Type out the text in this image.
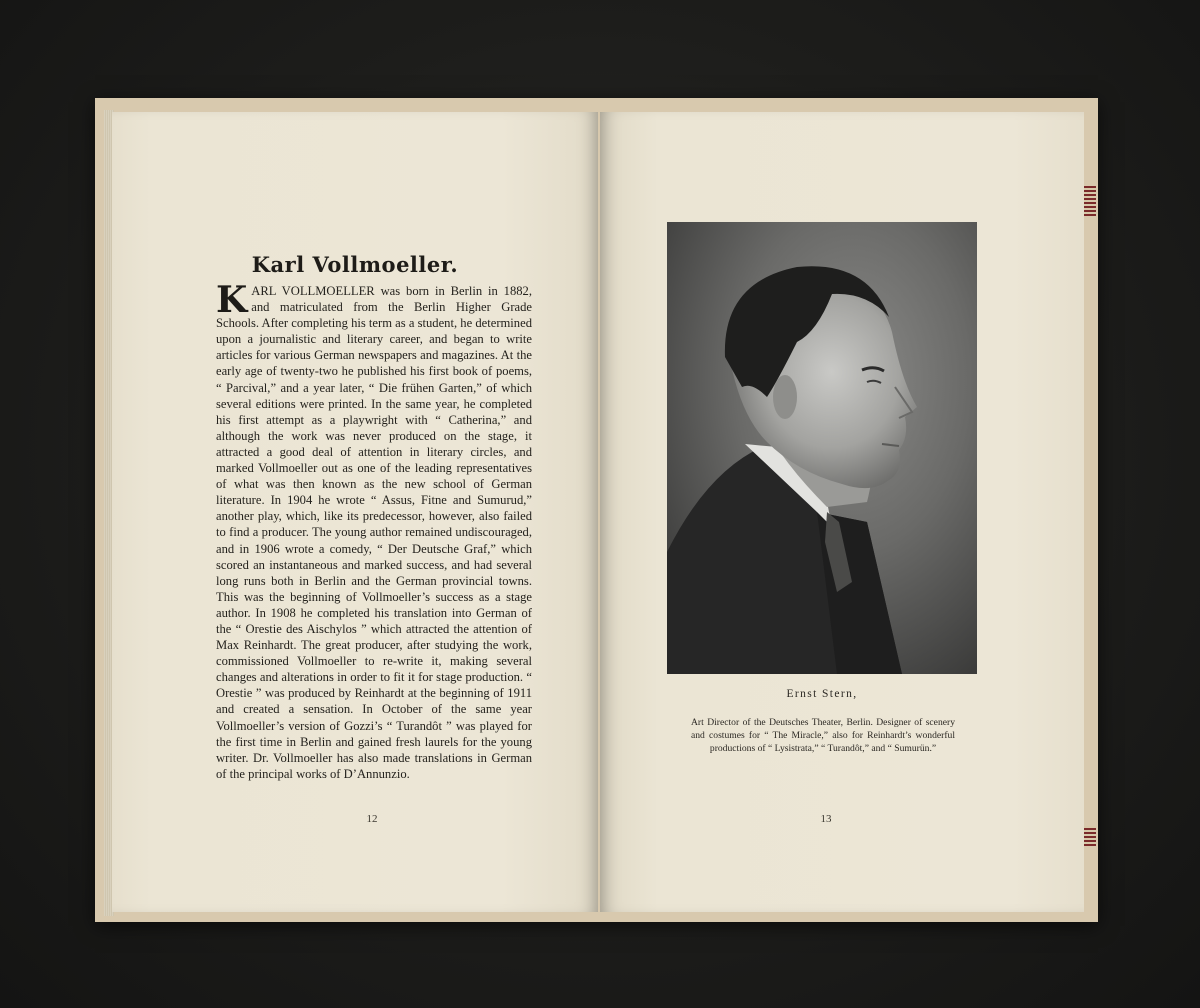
Karl Vollmoeller.
KARL VOLLMOELLER was born in Berlin in 1882, and matriculated from the Berlin Higher Grade Schools. After completing his term as a student, he determined upon a journalistic and literary career, and began to write articles for various German newspapers and magazines. At the early age of twenty-two he published his first book of poems, “ Parcival,” and a year later, “ Die frühen Garten,” of which several editions were printed. In the same year, he completed his first attempt as a playwright with “ Catherina,” and although the work was never produced on the stage, it attracted a good deal of attention in literary circles, and marked Vollmoeller out as one of the leading representatives of what was then known as the new school of German literature. In 1904 he wrote “ Assus, Fitne and Sumurud,” another play, which, like its predecessor, however, also failed to find a producer. The young author remained undiscouraged, and in 1906 wrote a comedy, “ Der Deutsche Graf,” which scored an instantaneous and marked success, and had several long runs both in Berlin and the German provincial towns. This was the beginning of Vollmoeller’s success as a stage author. In 1908 he completed his translation into German of the “ Orestie des Aischylos ” which attracted the attention of Max Reinhardt. The great producer, after studying the work, commissioned Vollmoeller to re-write it, making several changes and alterations in order to fit it for stage production. “ Orestie ” was produced by Reinhardt at the beginning of 1911 and created a sensation. In October of the same year Vollmoeller’s version of Gozzi’s “ Turandôt ” was played for the first time in Berlin and gained fresh laurels for the young writer. Dr. Vollmoeller has also made translations in German of the principal works of D’Annunzio.
12
Ernst Stern,
Art Director of the Deutsches Theater, Berlin. Designer of scenery and costumes for “ The Miracle,” also for Reinhardt’s wonderful productions of “ Lysistrata,” “ Turandôt,” and “ Sumurün.”
13
